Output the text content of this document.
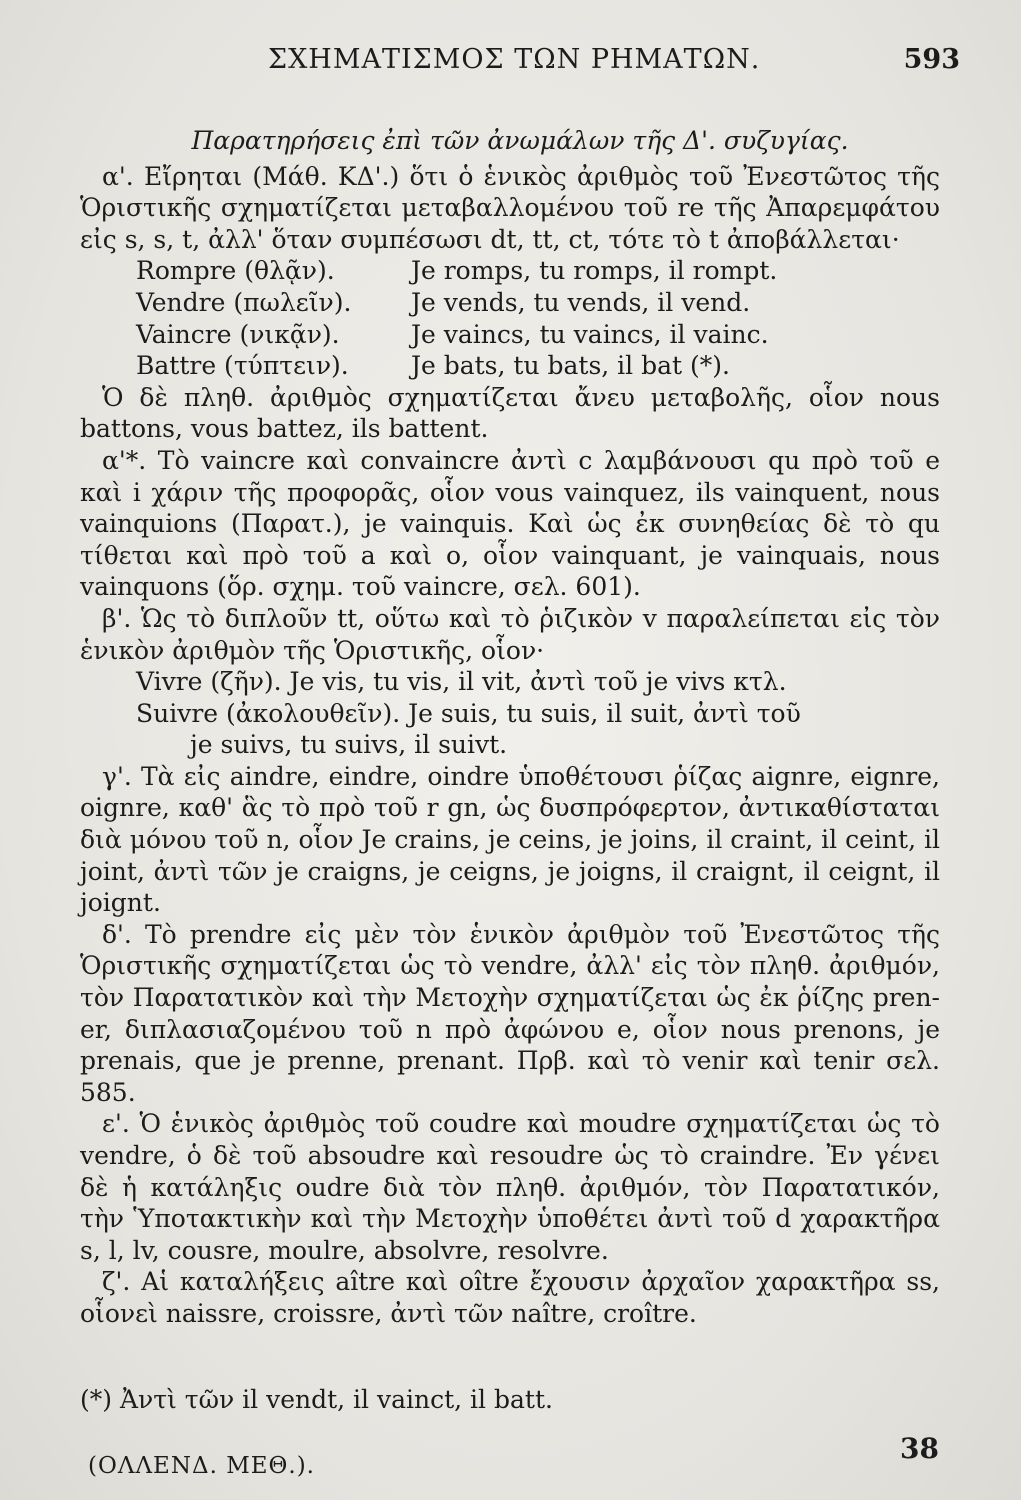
ΣΧΗΜΑΤΙΣΜΟΣ ΤΩΝ ΡΗΜΑΤΩΝ.	593
Παρατηρήσεις ἐπὶ τῶν ἀνωμάλων τῆς Δ'. συζυγίας.

α'. Εἴρηται (Μάθ. ΚΔ'.) ὅτι ὁ ἑνικὸς ἀριθμὸς τοῦ Ἐνεστῶτος τῆς Ὁριστικῆς σχηματίζεται μεταβαλλομένου τοῦ re τῆς Ἀπαρεμφάτου εἰς s, s, t, ἀλλ' ὅταν συμπέσωσι dt, tt, ct, τότε τὸ t ἀποβάλλεται·

Rompre (θλᾷν).	Je romps, tu romps, il rompt.

Vendre (πωλεῖν). Je vends, tu vends, il vend.

Vaincre (νικᾷν).	Je vaincs, tu vaincs, il vainc.

Battre (τύπτειν). Je bats, tu bats, il bat (*).

Ὁ δὲ πληθ. ἀριθμὸς σχηματίζεται ἄνευ μεταβολῆς, οἷον nous battons, vous battez, ils battent.

α'*. Τὸ vaincre καὶ convaincre ἀντὶ c λαμβάνουσι qu πρὸ τοῦ e καὶ i χάριν τῆς προφορᾶς, οἷον vous vainquez, ils vainquent, nous vainquions (Παρατ.), je vainquis. Καὶ ὡς ἐκ συνηθείας δὲ τὸ qu τίθεται καὶ πρὸ τοῦ a καὶ o, οἷον vainquant, je vainquais, nous vainquons (ὅρ. σχημ. τοῦ vaincre, σελ. 601).

β'. Ὡς τὸ διπλοῦν tt, οὕτω καὶ τὸ ῥιζικὸν v παραλείπεται εἰς τὸν ἑνικὸν ἀριθμὸν τῆς Ὁριστικῆς, οἷον·

Vivre (ζῆν). Je vis, tu vis, il vit, ἀντὶ τοῦ je vivs κτλ.

Suivre (ἀκολουθεῖν). Je suis, tu suis, il suit, ἀντὶ τοῦ

je suivs, tu suivs, il suivt.

γ'. Τὰ εἰς aindre, eindre, oindre ὑποθέτουσι ῥίζας aignre, eignre, oignre, καθ' ἃς τὸ πρὸ τοῦ r gn, ὡς δυσπρόφερτον, ἀντικαθίσταται διὰ μόνου τοῦ n, οἷον Je crains, je ceins, je joins, il craint, il ceint, il joint, ἀντὶ τῶν je craigns, je ceigns, je joigns, il craignt, il ceignt, il joignt.

δ'. Τὸ prendre εἰς μὲν τὸν ἑνικὸν ἀριθμὸν τοῦ Ἐνεστῶτος τῆς Ὁριστικῆς σχηματίζεται ὡς τὸ vendre, ἀλλ' εἰς τὸν πληθ. ἀριθμόν, τὸν Παρατατικὸν καὶ τὴν Μετοχὴν σχηματίζεται ὡς ἐκ ῥίζης pren-er, διπλασιαζομένου τοῦ n πρὸ ἀφώνου e, οἷον nous prenons, je prenais, que je prenne, prenant. Πρβ. καὶ τὸ venir καὶ tenir σελ. 585.

ε'. Ὁ ἑνικὸς ἀριθμὸς τοῦ coudre καὶ moudre σχηματίζεται ὡς τὸ vendre, ὁ δὲ τοῦ absoudre καὶ resoudre ὡς τὸ craindre. Ἐν γένει δὲ ἡ κατάληξις oudre διὰ τὸν πληθ. ἀριθμόν, τὸν Παρατατικόν, τὴν Ὑποτακτικὴν καὶ τὴν Μετοχὴν ὑποθέτει ἀντὶ τοῦ d χαρακτῆρα s, l, lv, cousre, moulre, absolvre, resolvre.

ζ'. Αἱ καταλήξεις aître καὶ oître ἔχουσιν ἀρχαῖον χαρακτῆρα ss, οἷονεὶ naissre, croissre, ἀντὶ τῶν naître, croître.

(*) Ἀντὶ τῶν il vendt, il vainct, il batt.

(ΟΛΛΕΝΔ. ΜΕΘ.).
38
